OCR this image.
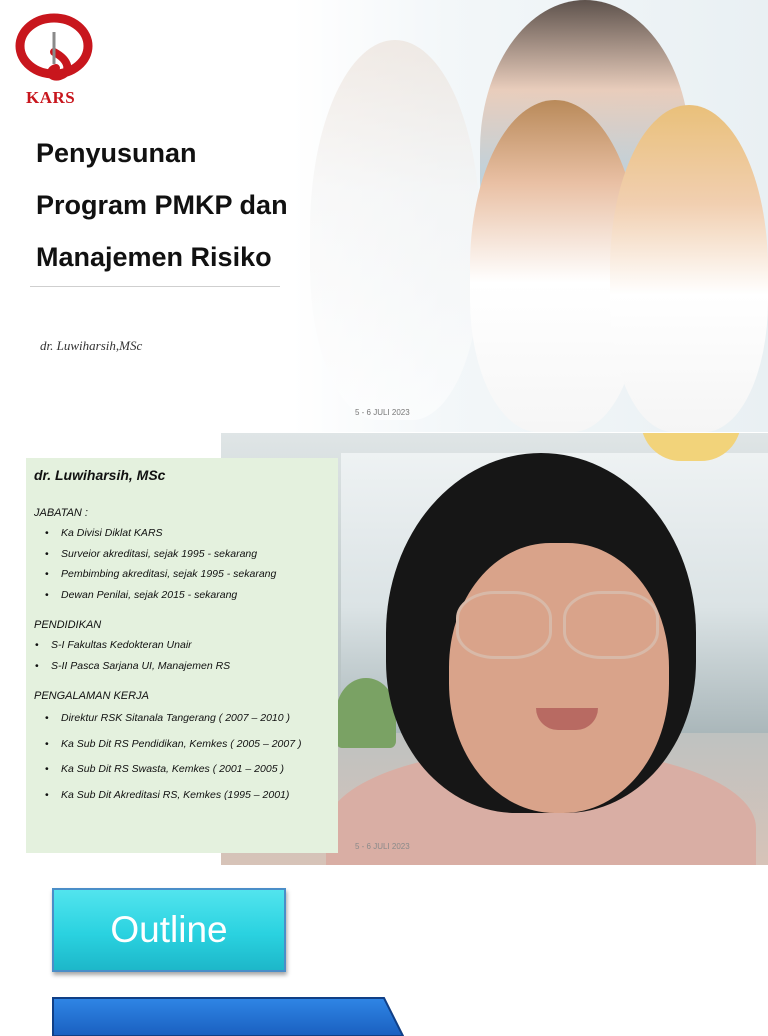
KARS
Penyusunan
Program PMKP dan
Manajemen Risiko
dr. Luwiharsih,MSc
5 - 6 JULI 2023
5 - 6 JULI 2023
dr. Luwiharsih, MSc
JABATAN :
• Ka Divisi Diklat KARS
• Surveior akreditasi, sejak 1995 - sekarang
• Pembimbing akreditasi, sejak 1995 - sekarang
• Dewan Penilai, sejak 2015 - sekarang
PENDIDIKAN
• S-I Fakultas Kedokteran Unair
• S-II Pasca Sarjana UI, Manajemen RS
PENGALAMAN KERJA
• Direktur RSK Sitanala Tangerang ( 2007 – 2010 )
• Ka Sub Dit RS Pendidikan, Kemkes ( 2005 – 2007 )
• Ka Sub Dit RS Swasta, Kemkes ( 2001 – 2005 )
• Ka Sub Dit Akreditasi RS, Kemkes (1995 – 2001)
Outline
